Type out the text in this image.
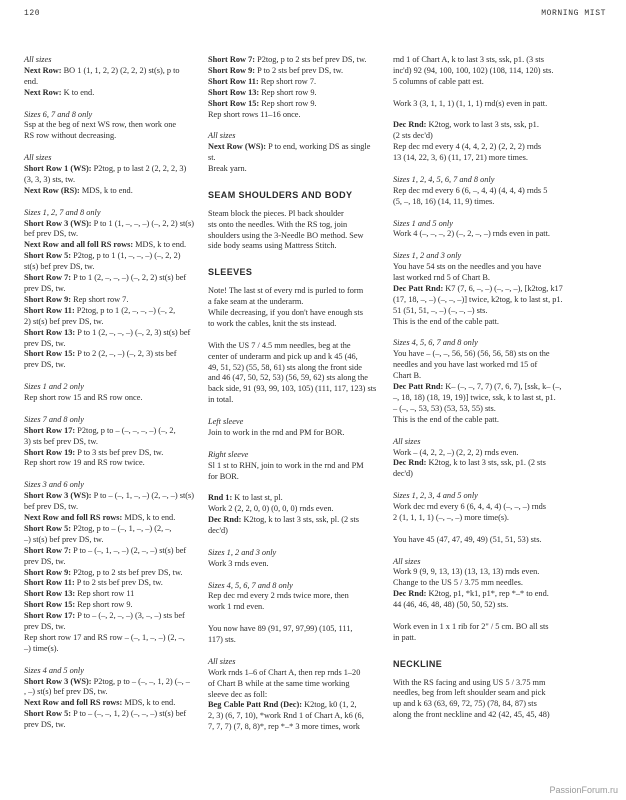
120	MORNING MIST
All sizes
Next Row: BO 1 (1, 1, 2, 2) (2, 2, 2) st(s), p to
end.
Next Row: K to end.
Sizes 6, 7 and 8 only
Ssp at the beg of next WS row, then work one
RS row without decreasing.
All sizes
Short Row 1 (WS): P2tog, p to last 2 (2, 2, 2, 3)
(3, 3, 3) sts, tw.
Next Row (RS): MDS, k to end.
Sizes 1, 2, 7 and 8 only
Short Row 3 (WS): P to 1 (1, –, –, –) (–, 2, 2) st(s)
bef prev DS, tw.
Next Row and all foll RS rows: MDS, k to end.
Short Row 5: P2tog, p to 1 (1, –, –, –) (–, 2, 2)
st(s) bef prev DS, tw.
Short Row 7: P to 1 (2, –, –, –) (–, 2, 2) st(s) bef
prev DS, tw.
Short Row 9: Rep short row 7.
Short Row 11: P2tog, p to 1 (2, –, –, –) (–, 2,
2) st(s) bef prev DS, tw.
Short Row 13: P to 1 (2, –, –, –) (–, 2, 3) st(s) bef
prev DS, tw.
Short Row 15: P to 2 (2, –, –) (–, 2, 3) sts bef
prev DS, tw.
Sizes 1 and 2 only
Rep short row 15 and RS row once.
Sizes 7 and 8 only
Short Row 17: P2tog, p to – (–, –, –, –) (–, 2,
3) sts bef prev DS, tw.
Short Row 19: P to 3 sts bef prev DS, tw.
Rep short row 19 and RS row twice.
Sizes 3 and 6 only
Short Row 3 (WS): P to – (–, 1, –, –) (2, –, –) st(s)
bef prev DS, tw.
Next Row and foll RS rows: MDS, k to end.
Short Row 5: P2tog, p to – (–, 1, –, –) (2, –,
–) st(s) bef prev DS, tw.
Short Row 7: P to – (–, 1, –, –) (2, –, –) st(s) bef
prev DS, tw.
Short Row 9: P2tog, p to 2 sts bef prev DS, tw.
Short Row 11: P to 2 sts bef prev DS, tw.
Short Row 13: Rep short row 11
Short Row 15: Rep short row 9.
Short Row 17: P to – (–, 2, –, –) (3, –, –) sts bef
prev DS, tw.
Rep short row 17 and RS row – (–, 1, –, –) (2, –,
–) time(s).
Sizes 4 and 5 only
Short Row 3 (WS): P2tog, p to – (–, –, 1, 2) (–, –
, –) st(s) bef prev DS, tw.
Next Row and foll RS rows: MDS, k to end.
Short Row 5: P to – (–, –, 1, 2) (–, –, –) st(s) bef
prev DS, tw.
Short Row 7: P2tog, p to 2 sts bef prev DS, tw.
Short Row 9: P to 2 sts bef prev DS, tw.
Short Row 11: Rep short row 7.
Short Row 13: Rep short row 9.
Short Row 15: Rep short row 9.
Rep short rows 11–16 once.
All sizes
Next Row (WS): P to end, working DS as single
st.
Break yarn.
SEAM SHOULDERS AND BODY
Steam block the pieces. Pl back shoulder
sts onto the needles. With the RS tog, join
shoulders using the 3-Needle BO method. Sew
side body seams using Mattress Stitch.
SLEEVES
Note! The last st of every rnd is purled to form
a fake seam at the underarm.
While decreasing, if you don't have enough sts
to work the cables, knit the sts instead.
With the US 7 / 4.5 mm needles, beg at the
center of underarm and pick up and k 45 (46,
49, 51, 52) (55, 58, 61) sts along the front side
and 46 (47, 50, 52, 53) (56, 59, 62) sts along the
back side, 91 (93, 99, 103, 105) (111, 117, 123) sts
in total.
Left sleeve
Join to work in the rnd and PM for BOR.
Right sleeve
Sl 1 st to RHN, join to work in the rnd and PM
for BOR.
Rnd 1: K to last st, pl.
Work 2 (2, 2, 0, 0) (0, 0, 0) rnds even.
Dec Rnd: K2tog, k to last 3 sts, ssk, pl. (2 sts
dec'd)
Sizes 1, 2 and 3 only
Work 3 rnds even.
Sizes 4, 5, 6, 7 and 8 only
Rep dec rnd every 2 rnds twice more, then
work 1 rnd even.
You now have 89 (91, 97, 97,99) (105, 111,
117) sts.
All sizes
Work rnds 1–6 of Chart A, then rep rnds 1–20
of Chart B while at the same time working
sleeve dec as foll:
Beg Cable Patt Rnd (Dec): K2tog, k0 (1, 2,
2, 3) (6, 7, 10), *work Rnd 1 of Chart A, k6 (6,
7, 7, 7) (7, 8, 8)*, rep *–* 3 more times, work
rnd 1 of Chart A, k to last 3 sts, ssk, p1. (3 sts
inc'd) 92 (94, 100, 100, 102) (108, 114, 120) sts.
5 columns of cable patt est.
Work 3 (3, 1, 1, 1) (1, 1, 1) rnd(s) even in patt.
Dec Rnd: K2tog, work to last 3 sts, ssk, p1.
(2 sts dec'd)
Rep dec rnd every 4 (4, 4, 2, 2) (2, 2, 2) rnds
13 (14, 22, 3, 6) (11, 17, 21) more times.
Sizes 1, 2, 4, 5, 6, 7 and 8 only
Rep dec rnd every 6 (6, –, 4, 4) (4, 4, 4) rnds 5
(5, –, 18, 16) (14, 11, 9) times.
Sizes 1 and 5 only
Work 4 (–, –, –, 2) (–, 2, –, –) rnds even in patt.
Sizes 1, 2 and 3 only
You have 54 sts on the needles and you have
last worked rnd 5 of Chart B.
Dec Patt Rnd: K7 (7, 6, –, –) (–, –, –), [k2tog, k17
(17, 18, –, –) (–, –, –)] twice, k2tog, k to last st, p1.
51 (51, 51, –, –) (–, –, –) sts.
This is the end of the cable patt.
Sizes 4, 5, 6, 7 and 8 only
You have – (–, –, 56, 56) (56, 56, 58) sts on the
needles and you have last worked rnd 15 of
Chart B.
Dec Patt Rnd: K– (–, –, 7, 7) (7, 6, 7), [ssk, k– (–,
–, 18, 18) (18, 19, 19)] twice, ssk, k to last st, p1.
– (–, –, 53, 53) (53, 53, 55) sts.
This is the end of the cable patt.
All sizes
Work – (4, 2, 2, –) (2, 2, 2) rnds even.
Dec Rnd: K2tog, k to last 3 sts, ssk, p1. (2 sts
dec'd)
Sizes 1, 2, 3, 4 and 5 only
Work dec rnd every 6 (6, 4, 4, 4) (–, –, –) rnds
2 (1, 1, 1, 1) (–, –, –) more time(s).
You have 45 (47, 47, 49, 49) (51, 51, 53) sts.
All sizes
Work 9 (9, 9, 13, 13) (13, 13, 13) rnds even.
Change to the US 5 / 3.75 mm needles.
Dec Rnd: K2tog, p1, *k1, p1*, rep *–* to end.
44 (46, 46, 48, 48) (50, 50, 52) sts.
Work even in 1 x 1 rib for 2" / 5 cm. BO all sts
in patt.
NECKLINE
With the RS facing and using US 5 / 3.75 mm
needles, beg from left shoulder seam and pick
up and k 63 (63, 69, 72, 75) (78, 84, 87) sts
along the front neckline and 42 (42, 45, 45, 48)
PassionForum.ru
